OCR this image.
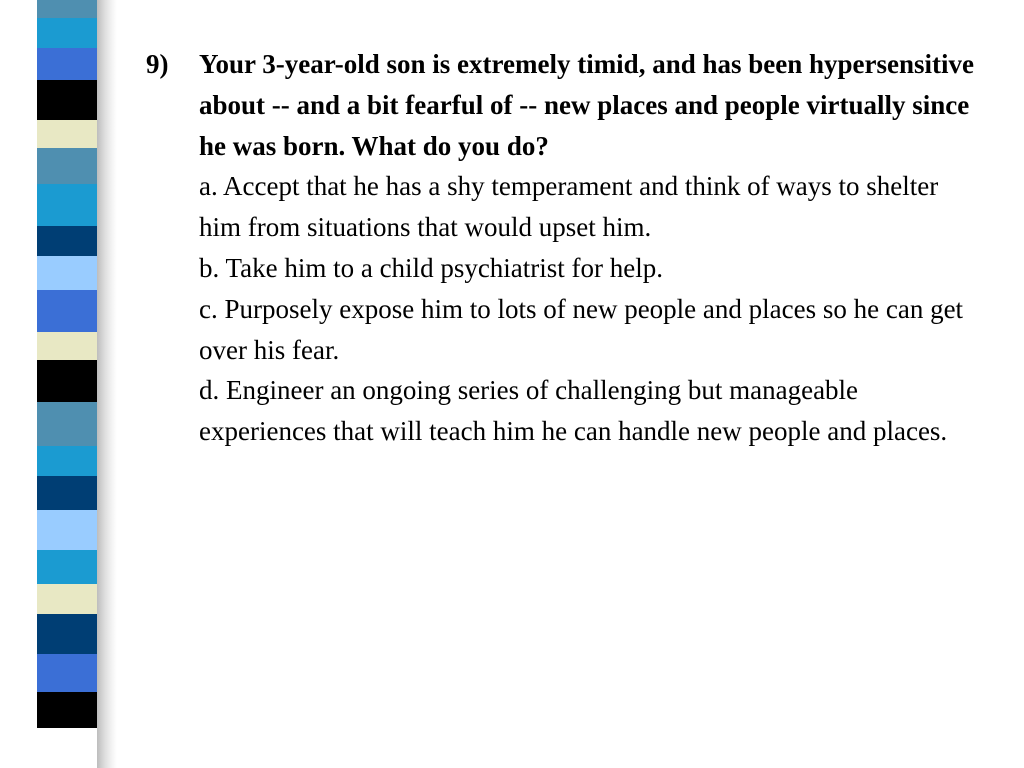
9) Your 3-year-old son is extremely timid, and has been hypersensitive about -- and a bit fearful of -- new places and people virtually since he was born. What do you do?

a. Accept that he has a shy temperament and think of ways to shelter him from situations that would upset him.

b. Take him to a child psychiatrist for help.

c. Purposely expose him to lots of new people and places so he can get over his fear.

d. Engineer an ongoing series of challenging but manageable experiences that will teach him he can handle new people and places.
